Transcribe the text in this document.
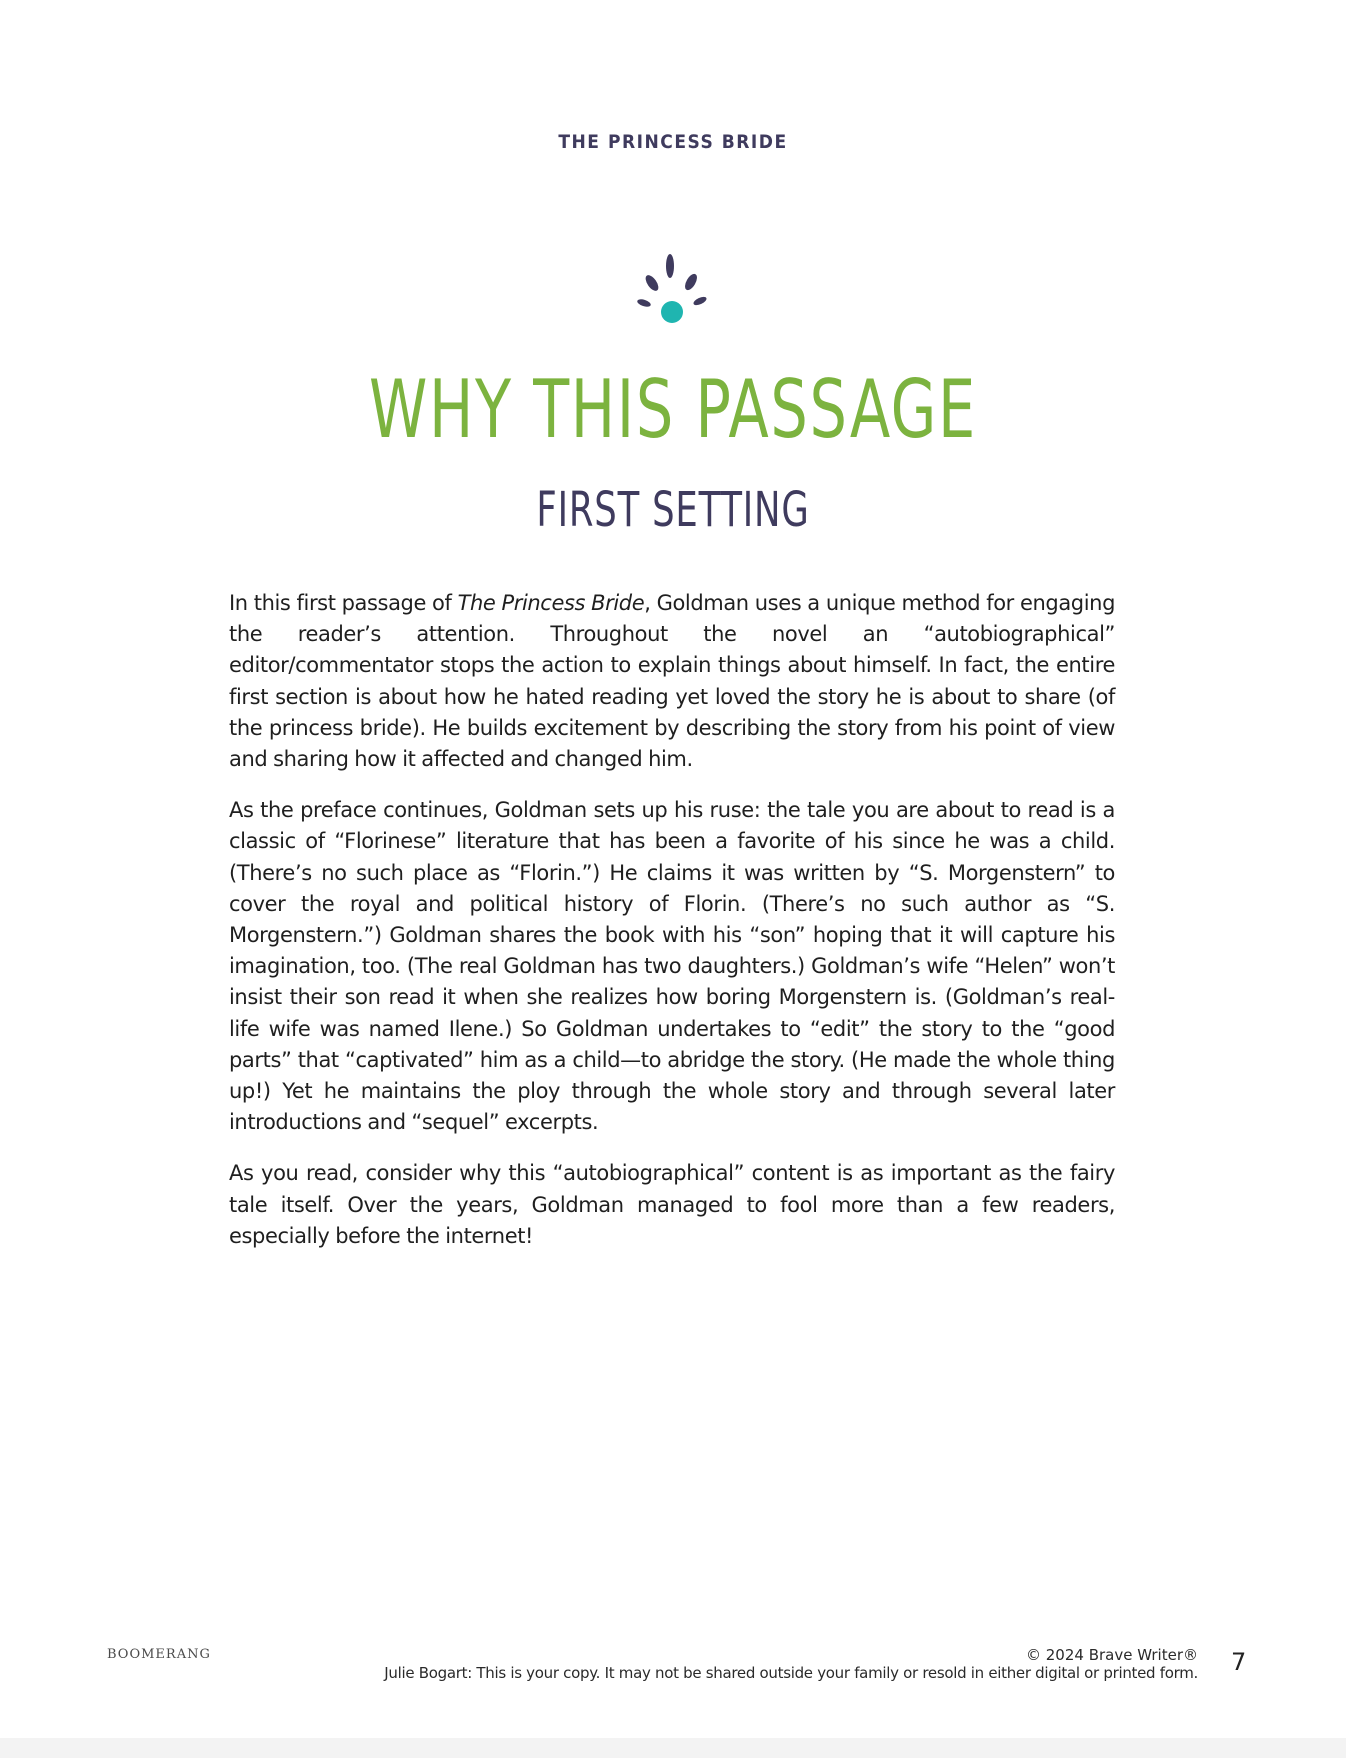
THE PRINCESS BRIDE
WHY THIS PASSAGE
FIRST SETTING

In this first passage of The Princess Bride, Goldman uses a unique method for engaging the reader’s attention. Throughout the novel an “autobiographical” editor/commentator stops the action to explain things about himself. In fact, the entire first section is about how he hated reading yet loved the story he is about to share (of the princess bride). He builds excitement by describing the story from his point of view and sharing how it affected and changed him.

As the preface continues, Goldman sets up his ruse: the tale you are about to read is a classic of “Florinese” literature that has been a favorite of his since he was a child. (There’s no such place as “Florin.”) He claims it was written by “S. Morgenstern” to cover the royal and political history of Florin. (There’s no such author as “S. Morgenstern.”) Goldman shares the book with his “son” hoping that it will capture his imagination, too. (The real Goldman has two daughters.) Goldman’s wife “Helen” won’t insist their son read it when she realizes how boring Morgenstern is. (Goldman’s real-life wife was named Ilene.) So Goldman undertakes to “edit” the story to the “good parts” that “captivated” him as a child—to abridge the story. (He made the whole thing up!) Yet he maintains the ploy through the whole story and through several later introductions and “sequel” excerpts.

As you read, consider why this “autobiographical” content is as important as the fairy tale itself. Over the years, Goldman managed to fool more than a few readers, especially before the internet!

BOOMERANG	© 2024 Brave Writer®
Julie Bogart: This is your copy. It may not be shared outside your family or resold in either digital or printed form. 7
